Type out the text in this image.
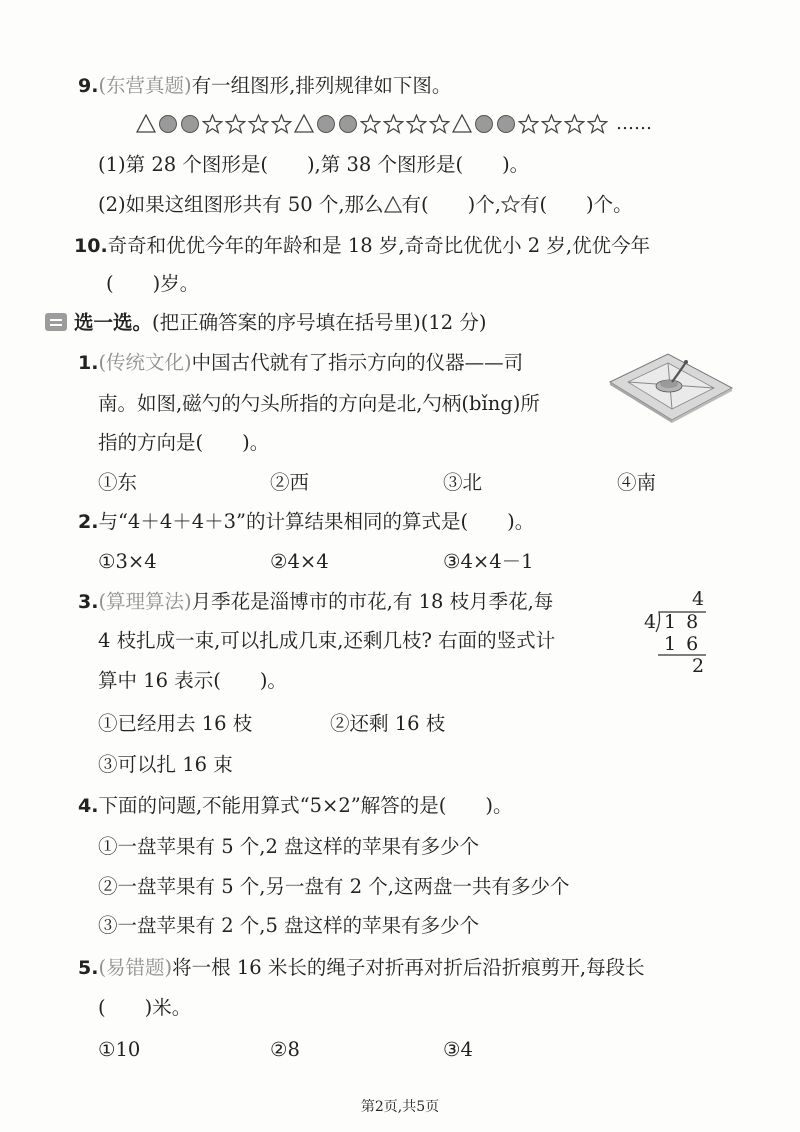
9.(东营真题)有一组图形,排列规律如下图。
……
(1)第 28 个图形是(　　),第 38 个图形是(　　)。
(2)如果这组图形共有 50 个,那么 有(　　)个, 有(　　)个。
10.奇奇和优优今年的年龄和是 18 岁,奇奇比优优小 2 岁,优优今年
(　　)岁。
选一选。(把正确答案的序号填在括号里)(12 分)
1.(传统文化)中国古代就有了指示方向的仪器——司
南。如图,磁勺的勺头所指的方向是北,勺柄(bǐng)所
指的方向是(　　)。
①东	②西	③北	④南
2.与“4＋4＋4＋3”的计算结果相同的算式是(　　)。
①3×4	②4×4	③4×4－1
3.(算理算法)月季花是淄博市的市花,有 18 枝月季花,每
4 枝扎成一束,可以扎成几束,还剩几枝? 右面的竖式计
算中 16 表示(　　)。
4
4 1 8
1 6
2
①已经用去 16 枝	②还剩 16 枝
③可以扎 16 束
4.下面的问题,不能用算式“5×2”解答的是(　　)。
①一盘苹果有 5 个,2 盘这样的苹果有多少个
②一盘苹果有 5 个,另一盘有 2 个,这两盘一共有多少个
③一盘苹果有 2 个,5 盘这样的苹果有多少个
5.(易错题)将一根 16 米长的绳子对折再对折后沿折痕剪开,每段长
(　　)米。
①10	②8	③4
第2页,共5页
